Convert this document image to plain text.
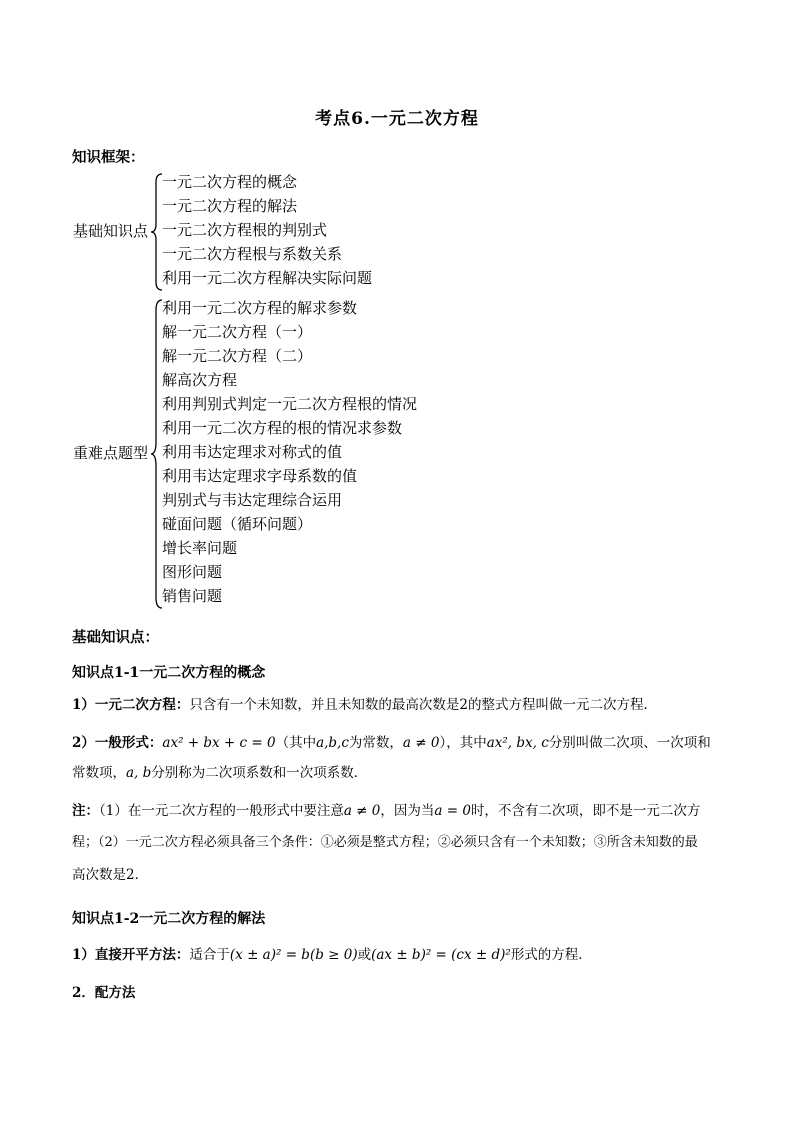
考点6.一元二次方程
知识框架：
基础知识点
一元二次方程的概念
一元二次方程的解法
一元二次方程根的判别式
一元二次方程根与系数关系
利用一元二次方程解决实际问题
重难点题型
利用一元二次方程的解求参数
解一元二次方程（一）
解一元二次方程（二）
解高次方程
利用判别式判定一元二次方程根的情况
利用一元二次方程的根的情况求参数
利用韦达定理求对称式的值
利用韦达定理求字母系数的值
判别式与韦达定理综合运用
碰面问题（循环问题）
增长率问题
图形问题
销售问题
基础知识点：
知识点1-1一元二次方程的概念
1）一元二次方程：只含有一个未知数，并且未知数的最高次数是2的整式方程叫做一元二次方程．
2）一般形式：ax² + bx + c = 0（其中a,b,c为常数，a ≠ 0），其中ax², bx, c分别叫做二次项、一次项和
常数项，a, b分别称为二次项系数和一次项系数．
注：（1）在一元二次方程的一般形式中要注意a ≠ 0，因为当a = 0时，不含有二次项，即不是一元二次方
程；（2）一元二次方程必须具备三个条件：①必须是整式方程；②必须只含有一个未知数；③所含未知数的最
高次数是2．
知识点1-2一元二次方程的解法
1）直接开平方法：适合于(x ± a)² = b(b ≥ 0)或(ax ± b)² = (cx ± d)²形式的方程．
2．配方法
